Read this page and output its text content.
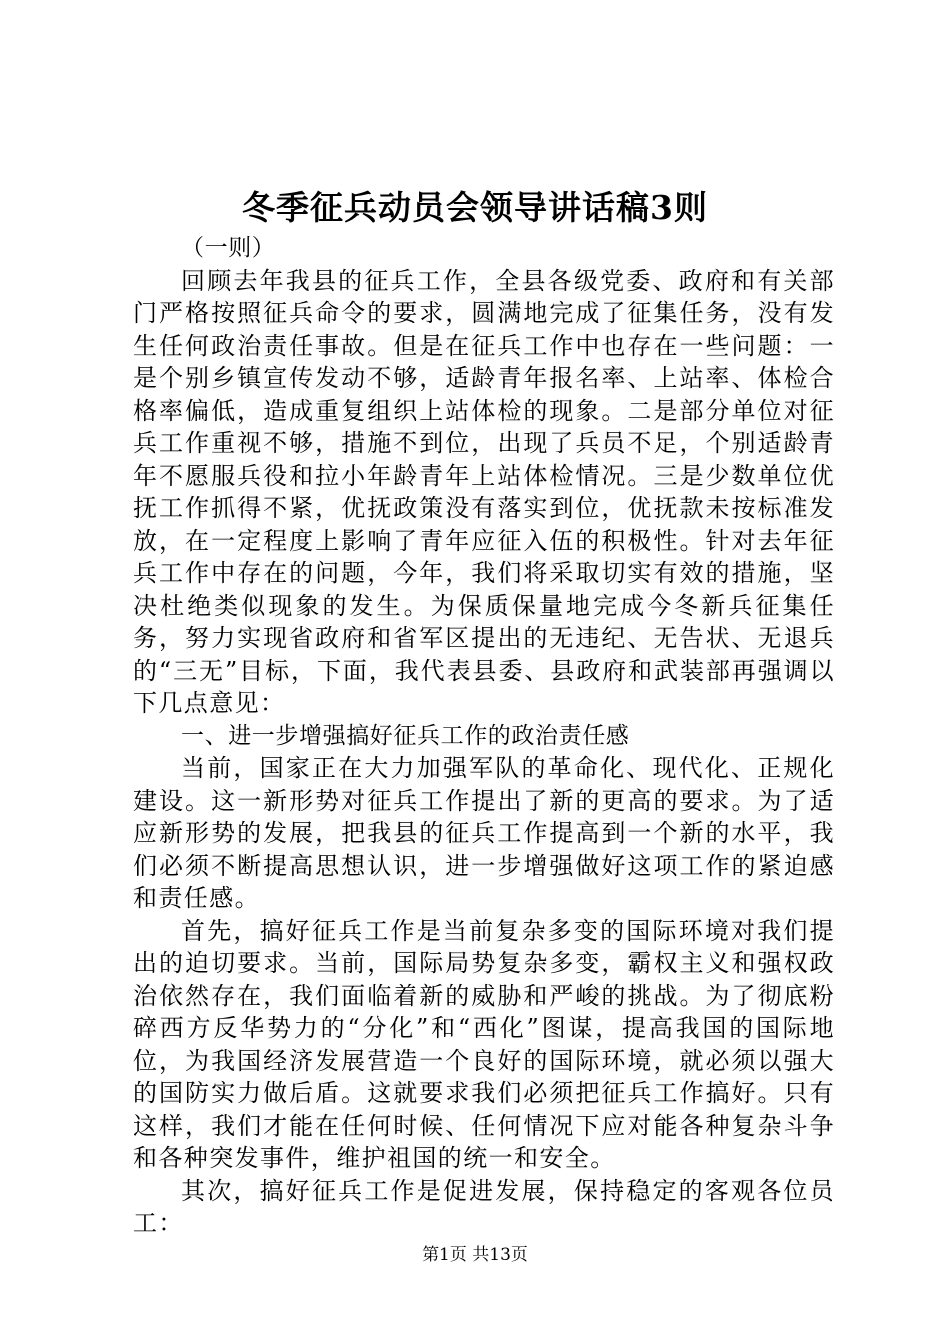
冬季征兵动员会领导讲话稿3则

（一则）

回顾去年我县的征兵工作，全县各级党委、政府和有关部门严格按照征兵命令的要求，圆满地完成了征集任务，没有发生任何政治责任事故。但是在征兵工作中也存在一些问题：一是个别乡镇宣传发动不够，适龄青年报名率、上站率、体检合格率偏低，造成重复组织上站体检的现象。二是部分单位对征兵工作重视不够，措施不到位，出现了兵员不足，个别适龄青年不愿服兵役和拉小年龄青年上站体检情况。三是少数单位优抚工作抓得不紧，优抚政策没有落实到位，优抚款未按标准发放，在一定程度上影响了青年应征入伍的积极性。针对去年征兵工作中存在的问题，今年，我们将采取切实有效的措施，坚决杜绝类似现象的发生。为保质保量地完成今冬新兵征集任务，努力实现省政府和省军区提出的无违纪、无告状、无退兵的“三无”目标，下面，我代表县委、县政府和武装部再强调以下几点意见：

一、进一步增强搞好征兵工作的政治责任感

当前，国家正在大力加强军队的革命化、现代化、正规化建设。这一新形势对征兵工作提出了新的更高的要求。为了适应新形势的发展，把我县的征兵工作提高到一个新的水平，我们必须不断提高思想认识，进一步增强做好这项工作的紧迫感和责任感。

首先，搞好征兵工作是当前复杂多变的国际环境对我们提出的迫切要求。当前，国际局势复杂多变，霸权主义和强权政治依然存在，我们面临着新的威胁和严峻的挑战。为了彻底粉碎西方反华势力的“分化”和“西化”图谋，提高我国的国际地位，为我国经济发展营造一个良好的国际环境，就必须以强大的国防实力做后盾。这就要求我们必须把征兵工作搞好。只有这样，我们才能在任何时候、任何情况下应对能各种复杂斗争和各种突发事件，维护祖国的统一和安全。

其次，搞好征兵工作是促进发展，保持稳定的客观各位员工：

第1页 共13页
